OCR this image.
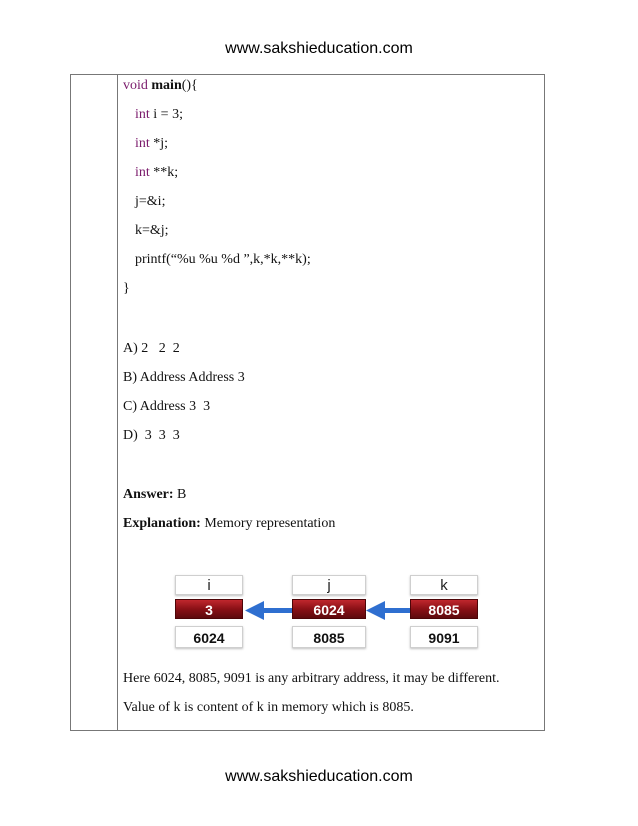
www.sakshieducation.com
void main(){
int i = 3;
int *j;
int **k;
j=&i;
k=&j;
printf(“%u %u %d ”,k,*k,**k);
}
A) 2   2  2
B) Address Address 3
C) Address 3  3
D)  3  3  3
Answer: B
Explanation: Memory representation
i
3
6024
j
6024
8085
k
8085
9091
Here 6024, 8085, 9091 is any arbitrary address, it may be different.
Value of k is content of k in memory which is 8085.
www.sakshieducation.com
